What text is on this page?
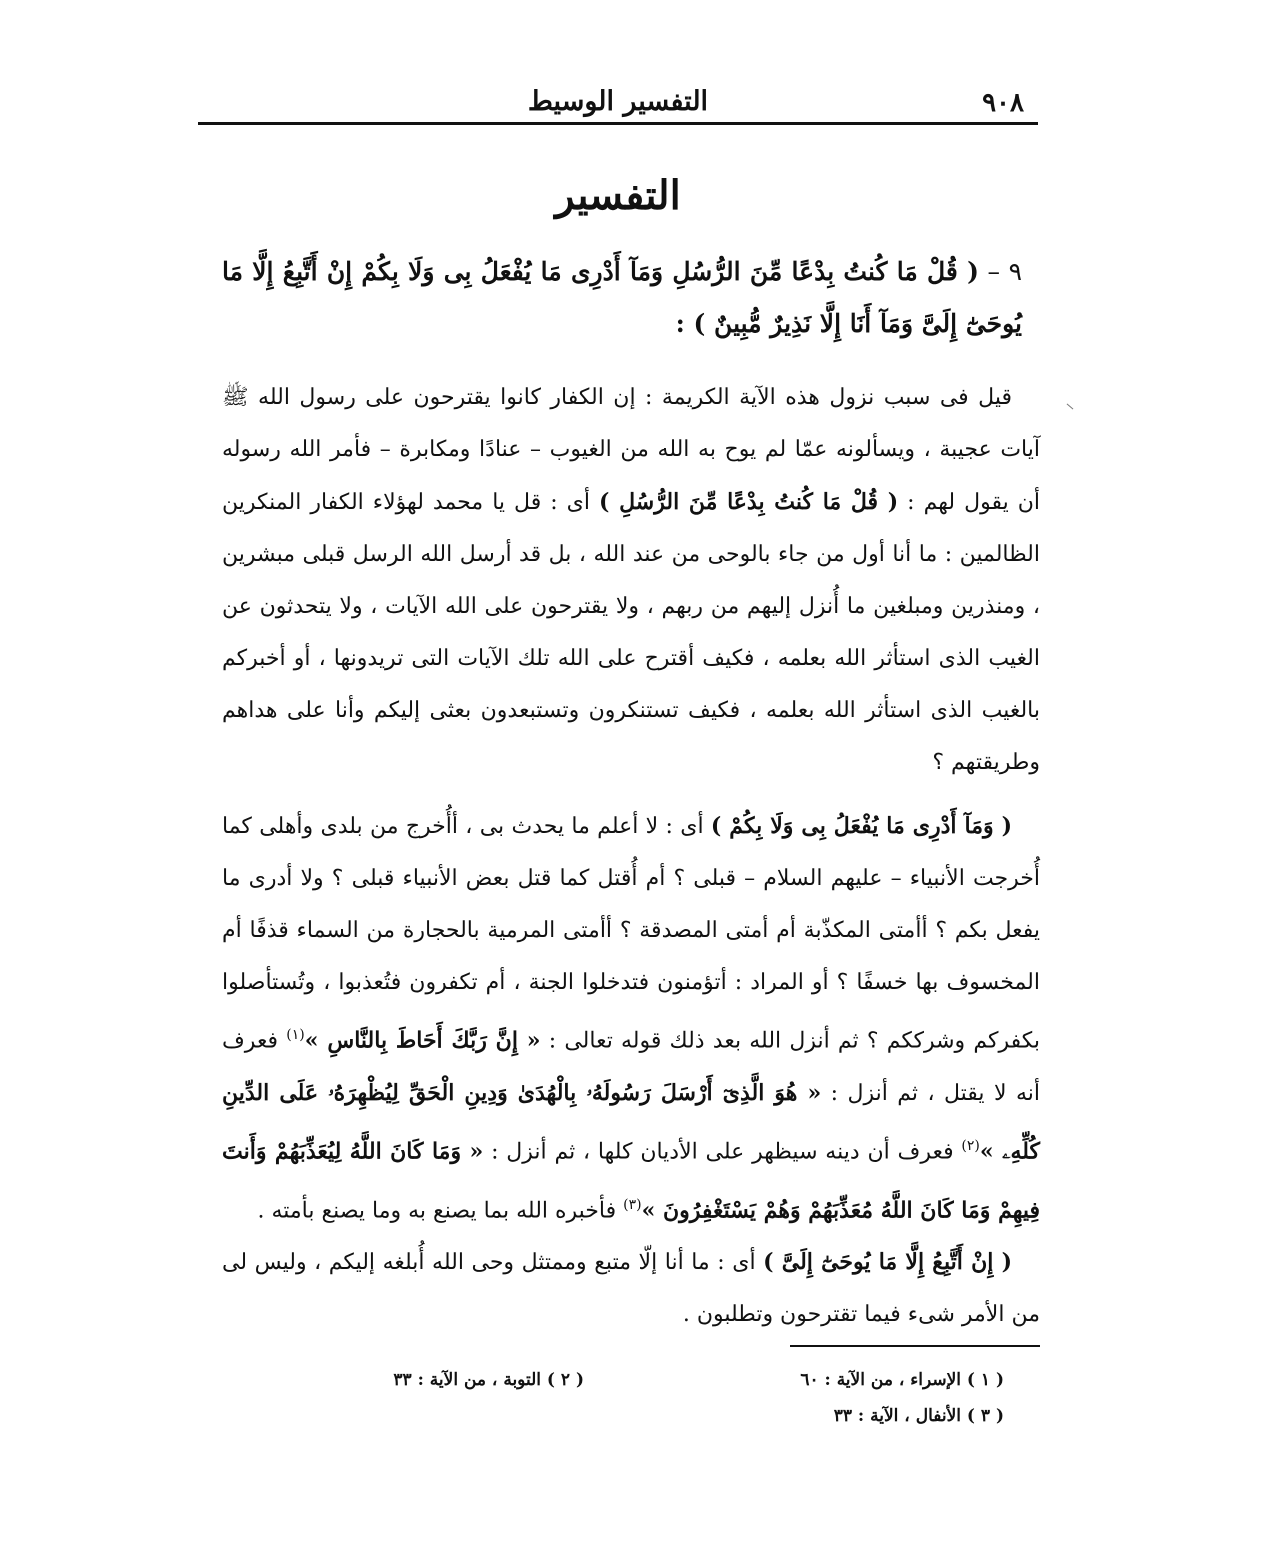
٩٠٨
التفسير الوسيط
التفسير
٩ – ( قُلْ مَا كُنتُ بِدْعًا مِّنَ الرُّسُلِ وَمَآ أَدْرِى مَا يُفْعَلُ بِى وَلَا بِكُمْ إِنْ أَتَّبِعُ إِلَّا مَا يُوحَىٰٓ إِلَىَّ وَمَآ أَنَا إِلَّا نَذِيرٌ مُّبِينٌ ) :

قيل فى سبب نزول هذه الآية الكريمة : إن الكفار كانوا يقترحون على رسول الله ﷺ آيات عجيبة ، ويسألونه عمّا لم يوح به الله من الغيوب – عنادًا ومكابرة – فأمر الله رسوله أن يقول لهم : ( قُلْ مَا كُنتُ بِدْعًا مِّنَ الرُّسُلِ ) أى : قل يا محمد لهؤلاء الكفار المنكرين الظالمين : ما أنا أول من جاء بالوحى من عند الله ، بل قد أرسل الله الرسل قبلى مبشرين ، ومنذرين ومبلغين ما أُنزل إليهم من ربهم ، ولا يقترحون على الله الآيات ، ولا يتحدثون عن الغيب الذى استأثر الله بعلمه ، فكيف أقترح على الله تلك الآيات التى تريدونها ، أو أخبركم بالغيب الذى استأثر الله بعلمه ، فكيف تستنكرون وتستبعدون بعثى إليكم وأنا على هداهم وطريقتهم ؟

( وَمَآ أَدْرِى مَا يُفْعَلُ بِى وَلَا بِكُمْ ) أى : لا أعلم ما يحدث بى ، أأُخرج من بلدى وأهلى كما أُخرجت الأنبياء – عليهم السلام – قبلى ؟ أم أُقتل كما قتل بعض الأنبياء قبلى ؟ ولا أدرى ما يفعل بكم ؟ أأمتى المكذّبة أم أمتى المصدقة ؟ أأمتى المرمية بالحجارة من السماء قذفًا أم المخسوف بها خسفًا ؟ أو المراد : أتؤمنون فتدخلوا الجنة ، أم تكفرون فتُعذبوا ، وتُستأصلوا بكفركم وشرككم ؟ ثم أنزل الله بعد ذلك قوله تعالى : « إِنَّ رَبَّكَ أَحَاطَ بِالنَّاسِ »$^{(١)}$ فعرف أنه لا يقتل ، ثم أنزل : « هُوَ الَّذِىٓ أَرْسَلَ رَسُولَهُۥ بِالْهُدَىٰ وَدِينِ الْحَقِّ لِيُظْهِرَهُۥ عَلَى الدِّينِ كُلِّهِۦ »$^{(٢)}$ فعرف أن دينه سيظهر على الأديان كلها ، ثم أنزل : « وَمَا كَانَ اللَّهُ لِيُعَذِّبَهُمْ وَأَنتَ فِيهِمْ وَمَا كَانَ اللَّهُ مُعَذِّبَهُمْ وَهُمْ يَسْتَغْفِرُونَ »$^{(٣)}$ فأخبره الله بما يصنع به وما يصنع بأمته .

( إِنْ أَتَّبِعُ إِلَّا مَا يُوحَىٰٓ إِلَىَّ ) أى : ما أنا إلّا متبع وممتثل وحى الله أُبلغه إليكم ، وليس لى من الأمر شىء فيما تقترحون وتطلبون .

( ١ ) الإسراء ، من الآية : ٦٠
( ٢ ) التوبة ، من الآية : ٣٣
( ٣ ) الأنفال ، الآية : ٣٣
